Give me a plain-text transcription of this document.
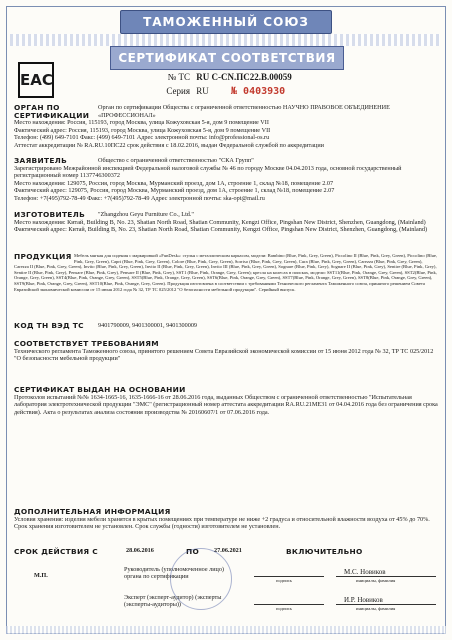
ТАМОЖЕННЫЙ СОЮЗ
СЕРТИФИКАТ СООТВЕТСТВИЯ
EAC	№ ТС RU C-CN.ПС22.В.00059
Серия RU № 0403930
ОРГАН ПО СЕРТИФИКАЦИИОрган по сертификации Общества с ограниченной ответственностью НАУЧНО ПРАВОВОЕ ОБЪЕДИНЕНИЕ «ПРОФЕССИОНАЛ»
Место нахождения: Россия, 115193, город Москва, улица Кожуховская 5-я, дом 9 помещение VII
Фактический адрес: Россия, 115193, город Москва, улица Кожуховская 5-я, дом 9 помещение VII
Телефон: (499) 649-7101 Факс: (499) 649-7101 Адрес электронной почты: info@professional-os.ru
Аттестат аккредитации № RA.RU.10ПС22 срок действия с 18.02.2016, выдан Федеральной службой по аккредитации
ЗАЯВИТЕЛЬ	Общество с ограниченной ответственностью "СКА Групп"
Зарегистрировано Межрайонной инспекцией Федеральной налоговой службы № 46 по городу Москве 04.04.2013 года, основной государственный регистрационный номер 1137746300372
Место нахождения: 129075, Россия, город Москва, Мурманский проезд, дом 1А, строение 1, склад №18, помещение 2.07
Фактический адрес: 129075, Россия, город Москва, Мурманский проезд, дом 1А, строение 1, склад №18, помещение 2.07
Телефон: +7(495)792-78-49 Факс: +7(495)792-78-49 Адрес электронной почты: ska-opt@mail.ru
ИЗГОТОВИТЕЛЬ "Zhangzhou Geyu Furniture Co., Ltd."
Место нахождения: Китай, Building B, No. 23, Shatian North Road, Shatian Community, Kengzi Office, Pingshan New District, Shenzhen, Guangdong, (Mainland)
Фактический адрес: Китай, Building B, No. 23, Shatian North Road, Shatian Community, Kengzi Office, Pingshan New District, Shenzhen, Guangdong, (Mainland)
ПРОДУКЦИЯ Мебель мягкая для сидения с маркировкой «FunDesk»: стулья с металлическим каркасом, модели: Bambino (Blue, Pink, Grey, Green), Piccolino II (Blue, Pink, Grey, Green), Piccolino (Blue, Pink, Grey, Green), Capri (Blue, Pink, Grey, Green), Colore (Blue, Pink, Grey, Green), Sorriso (Blue, Pink, Grey, Green), Cura (Blue, Pink, Grey, Green), Carezza (Blue, Pink, Grey, Green), Carezza II (Blue, Pink, Grey, Green), Invito (Blue, Pink, Grey, Green), Invito II (Blue, Pink, Grey, Green), Invito III (Blue, Pink, Grey, Green), Sognare (Blue, Pink, Grey), Sognare II (Blue, Pink, Grey), Sentire (Blue, Pink, Grey), Sentire II (Blue, Pink, Grey), Pensare (Blue, Pink, Grey), Pensare II (Blue, Pink, Grey), SST1 (Blue, Pink, Orange, Grey, Green); кресла на колесах в поисках, модели: SST11(Blue, Pink, Orange, Grey, Green), SST2(Blue, Pink, Orange, Grey, Green), SST4(Blue, Pink, Orange, Grey, Green), SST5(Blue, Pink, Orange, Grey, Green), SST6(Blue, Pink, Orange, Grey, Green), SST7(Blue, Pink, Orange, Grey, Green), SST8(Blue, Pink, Orange, Grey, Green), SST9(Blue, Pink, Orange, Grey, Green), SST10(Blue, Pink, Orange, Grey, Green). Продукция изготовлена в соответствии с требованиями Технического регламента Таможенного союза, принятого решением Совета Евразийской экономической комиссии от 15 июня 2012 года № 32, ТР ТС 025/2012 "О безопасности мебельной продукции". Серийный выпуск.
КОД ТН ВЭД ТС 9401790009, 9401300001, 9401300009
СООТВЕТСТВУЕТ ТРЕБОВАНИЯМ
Технического регламента Таможенного союза, принятого решением Совета Евразийской экономической комиссии от 15 июня 2012 года № 32, ТР ТС 025/2012 "О безопасности мебельной продукции"
СЕРТИФИКАТ ВЫДАН НА ОСНОВАНИИ
Протоколов испытаний №№ 1634-1665-16, 1635-1666-16 от 28.06.2016 года, выданных Обществом с ограниченной ответственностью "Испытательная лаборатория электротехнической продукции "ЭМС" (регистрационный номер аттестата аккредитации RA.RU.21МЕ31 от 04.04.2016 года без ограничения срока действия). Акта о результатах анализа состояния производства № 20160607/1 от 07.06.2016 года.
ДОПОЛНИТЕЛЬНАЯ ИНФОРМАЦИЯ
Условия хранения: изделия мебели хранятся в крытых помещениях при температуре не ниже +2 градуса и относительной влажности воздуха от 45% до 70%. Срок хранения изготовителем не установлен. Срок службы (годности) изготовителем не установлен.
СРОК ДЕЙСТВИЯ С	28.06.2016	ПО 27.06.2021	ВКЛЮЧИТЕЛЬНО
М.П.
Руководитель (уполномоченное лицо) органа по сертификации
подпись
М.С. Новиков
инициалы, фамилия
Эксперт (эксперт-аудитор) (эксперты (эксперты-аудиторы))
подпись
И.Р. Новиков
инициалы, фамилия
